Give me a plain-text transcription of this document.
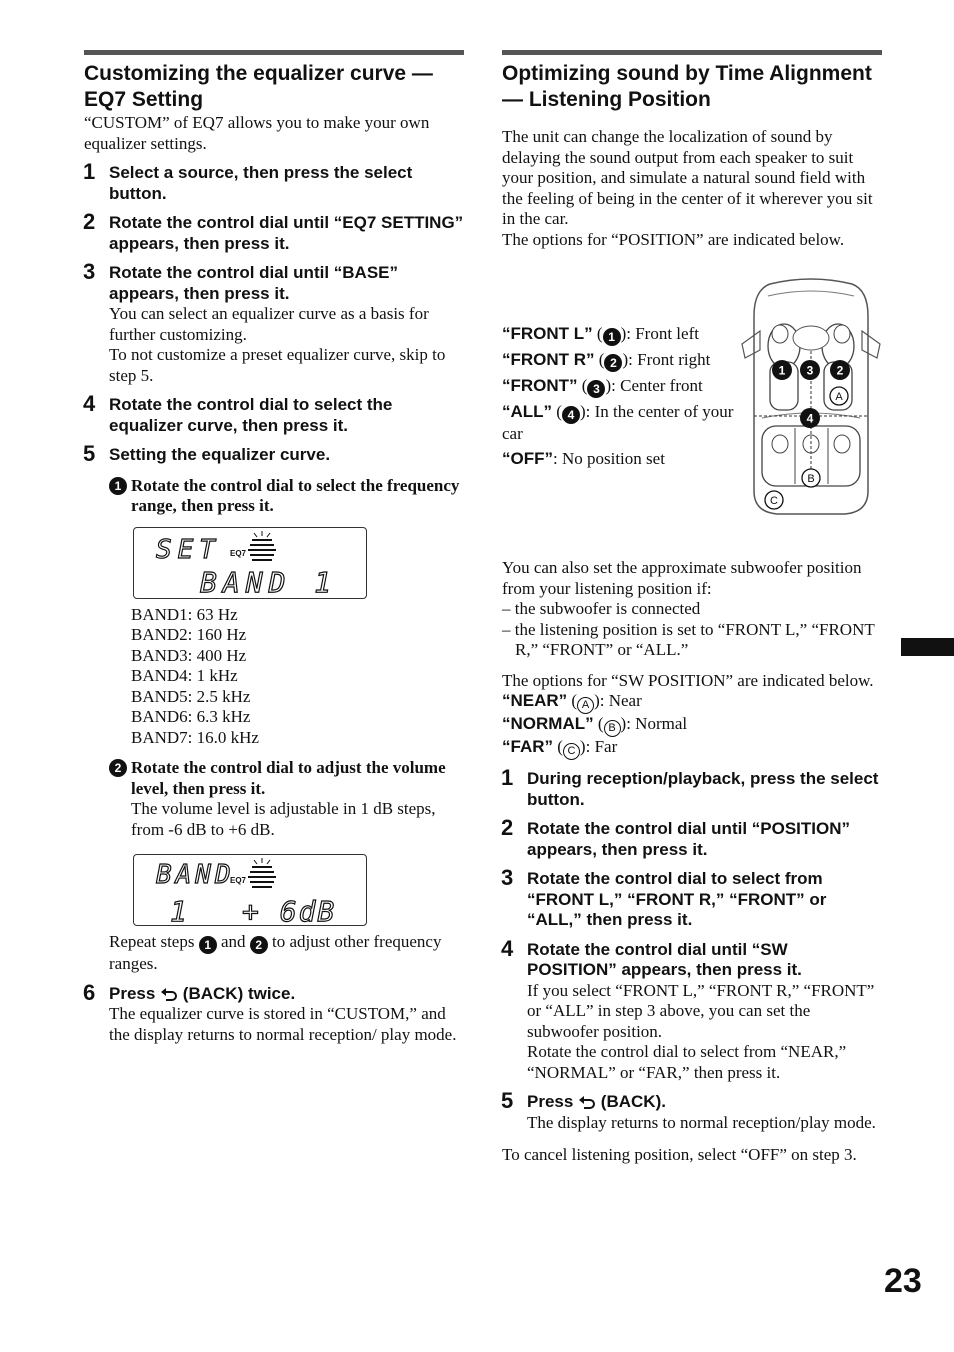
Customizing the equalizer curve — EQ7 Setting

“CUSTOM” of EQ7 allows you to make your own equalizer settings.

1 Select a source, then press the select button.
2 Rotate the control dial until “EQ7 SETTING” appears, then press it.
3 Rotate the control dial until “BASE” appears, then press it.

You can select an equalizer curve as a basis for further customizing.

To not customize a preset equalizer curve, skip to step 5.

4 Rotate the control dial to select the equalizer curve, then press it.
5 Setting the equalizer curve.
1 Rotate the control dial to select the frequency range, then press it.
SET
BAND 1
EQ7
BAND1: 63 Hz
BAND2: 160 Hz
BAND3: 400 Hz
BAND4: 1 kHz
BAND5: 2.5 kHz
BAND6: 6.3 kHz
BAND7: 16.0 kHz
2 Rotate the control dial to adjust the volume level, then press it.

The volume level is adjustable in 1 dB steps, from -6 dB to +6 dB.

BAND
1 + 6dB
EQ7

Repeat steps 1 and 2 to adjust other frequency ranges.

6 Press (BACK) twice.

The equalizer curve is stored in “CUSTOM,” and the display returns to normal reception/ play mode.

Optimizing sound by Time Alignment — Listening Position

The unit can change the localization of sound by delaying the sound output from each speaker to suit your position, and simulate a natural sound field with the feeling of being in the center of it wherever you sit in the car.

The options for “POSITION” are indicated below.

“FRONT L” ( 1 ): Front left

“FRONT R” ( 2 ): Front right

“FRONT” ( 3 ): Center front

“ALL” ( 4 ): In the center of your car

“OFF”: No position set

1 3 2
4
A
B
C

You can also set the approximate subwoofer position from your listening position if:

– the subwoofer is connected

– the listening position is set to “FRONT L,” “FRONT R,” “FRONT” or “ALL.”

The options for “SW POSITION” are indicated below.

“NEAR” ( A ): Near

“NORMAL” ( B ): Normal

“FAR” ( C ): Far

1 During reception/playback, press the select button.
2 Rotate the control dial until “POSITION” appears, then press it.
3 Rotate the control dial to select from “FRONT L,” “FRONT R,” “FRONT” or “ALL,” then press it.
4 Rotate the control dial until “SW POSITION” appears, then press it.

If you select “FRONT L,” “FRONT R,” “FRONT” or “ALL” in step 3 above, you can set the subwoofer position.

Rotate the control dial to select from “NEAR,” “NORMAL” or “FAR,” then press it.

5 Press (BACK).

The display returns to normal reception/play mode.

To cancel listening position, select “OFF” on step 3.

23
